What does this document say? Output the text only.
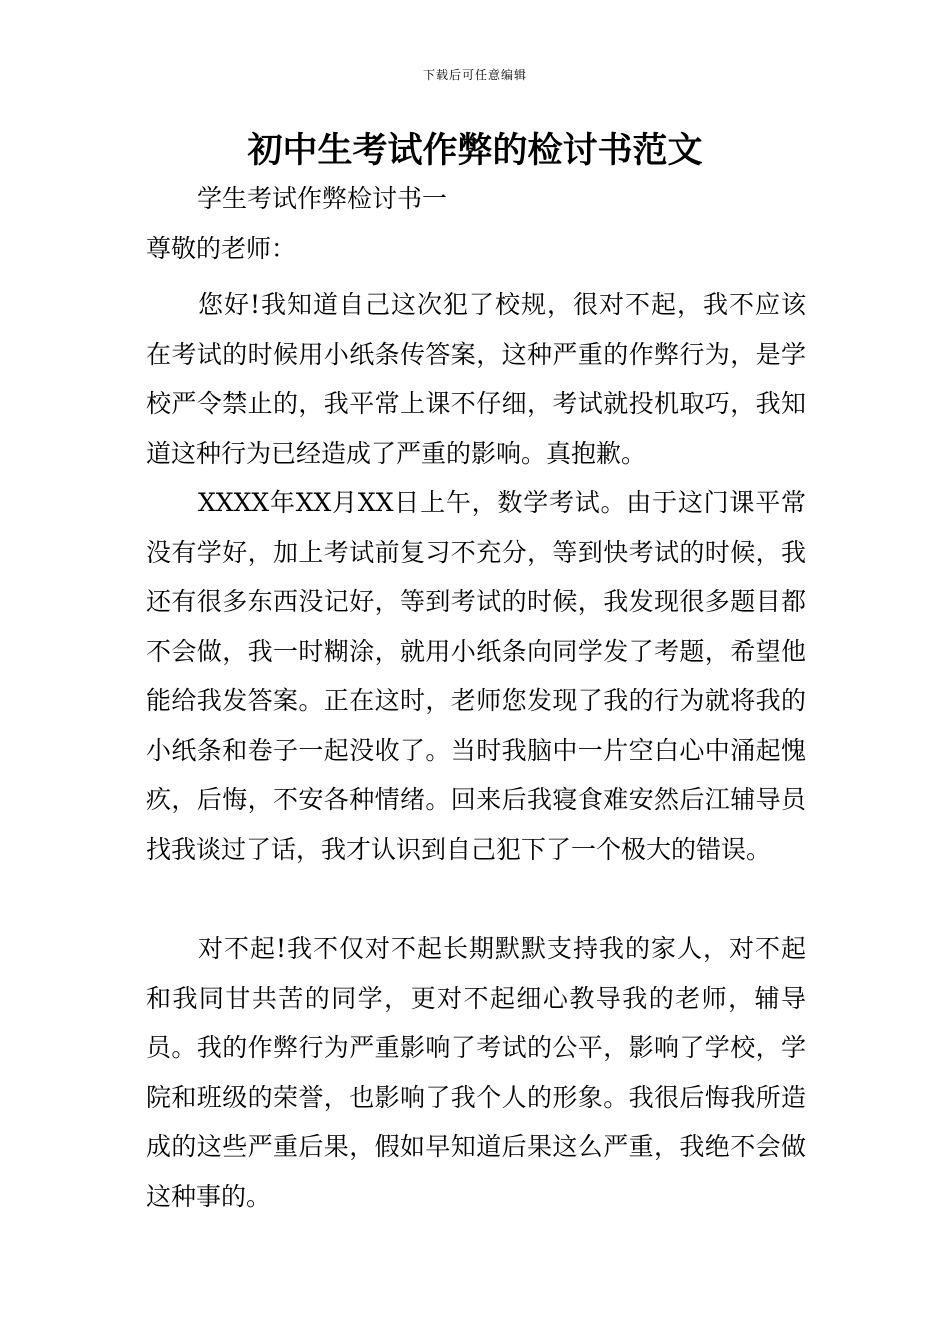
下载后可任意编辑
初中生考试作弊的检讨书范文

学生考试作弊检讨书一

尊敬的老师：

您好!我知道自己这次犯了校规，很对不起，我不应该在考试的时候用小纸条传答案，这种严重的作弊行为，是学校严令禁止的，我平常上课不仔细，考试就投机取巧，我知道这种行为已经造成了严重的影响。真抱歉。

XXXX年XX月XX日上午，数学考试。由于这门课平常没有学好，加上考试前复习不充分，等到快考试的时候，我还有很多东西没记好，等到考试的时候，我发现很多题目都不会做，我一时糊涂，就用小纸条向同学发了考题，希望他能给我发答案。正在这时，老师您发现了我的行为就将我的小纸条和卷子一起没收了。当时我脑中一片空白心中涌起愧疚，后悔，不安各种情绪。回来后我寝食难安然后江辅导员找我谈过了话，我才认识到自己犯下了一个极大的错误。

对不起!我不仅对不起长期默默支持我的家人，对不起和我同甘共苦的同学，更对不起细心教导我的老师，辅导员。我的作弊行为严重影响了考试的公平，影响了学校，学院和班级的荣誉，也影响了我个人的形象。我很后悔我所造成的这些严重后果，假如早知道后果这么严重，我绝不会做这种事的。
